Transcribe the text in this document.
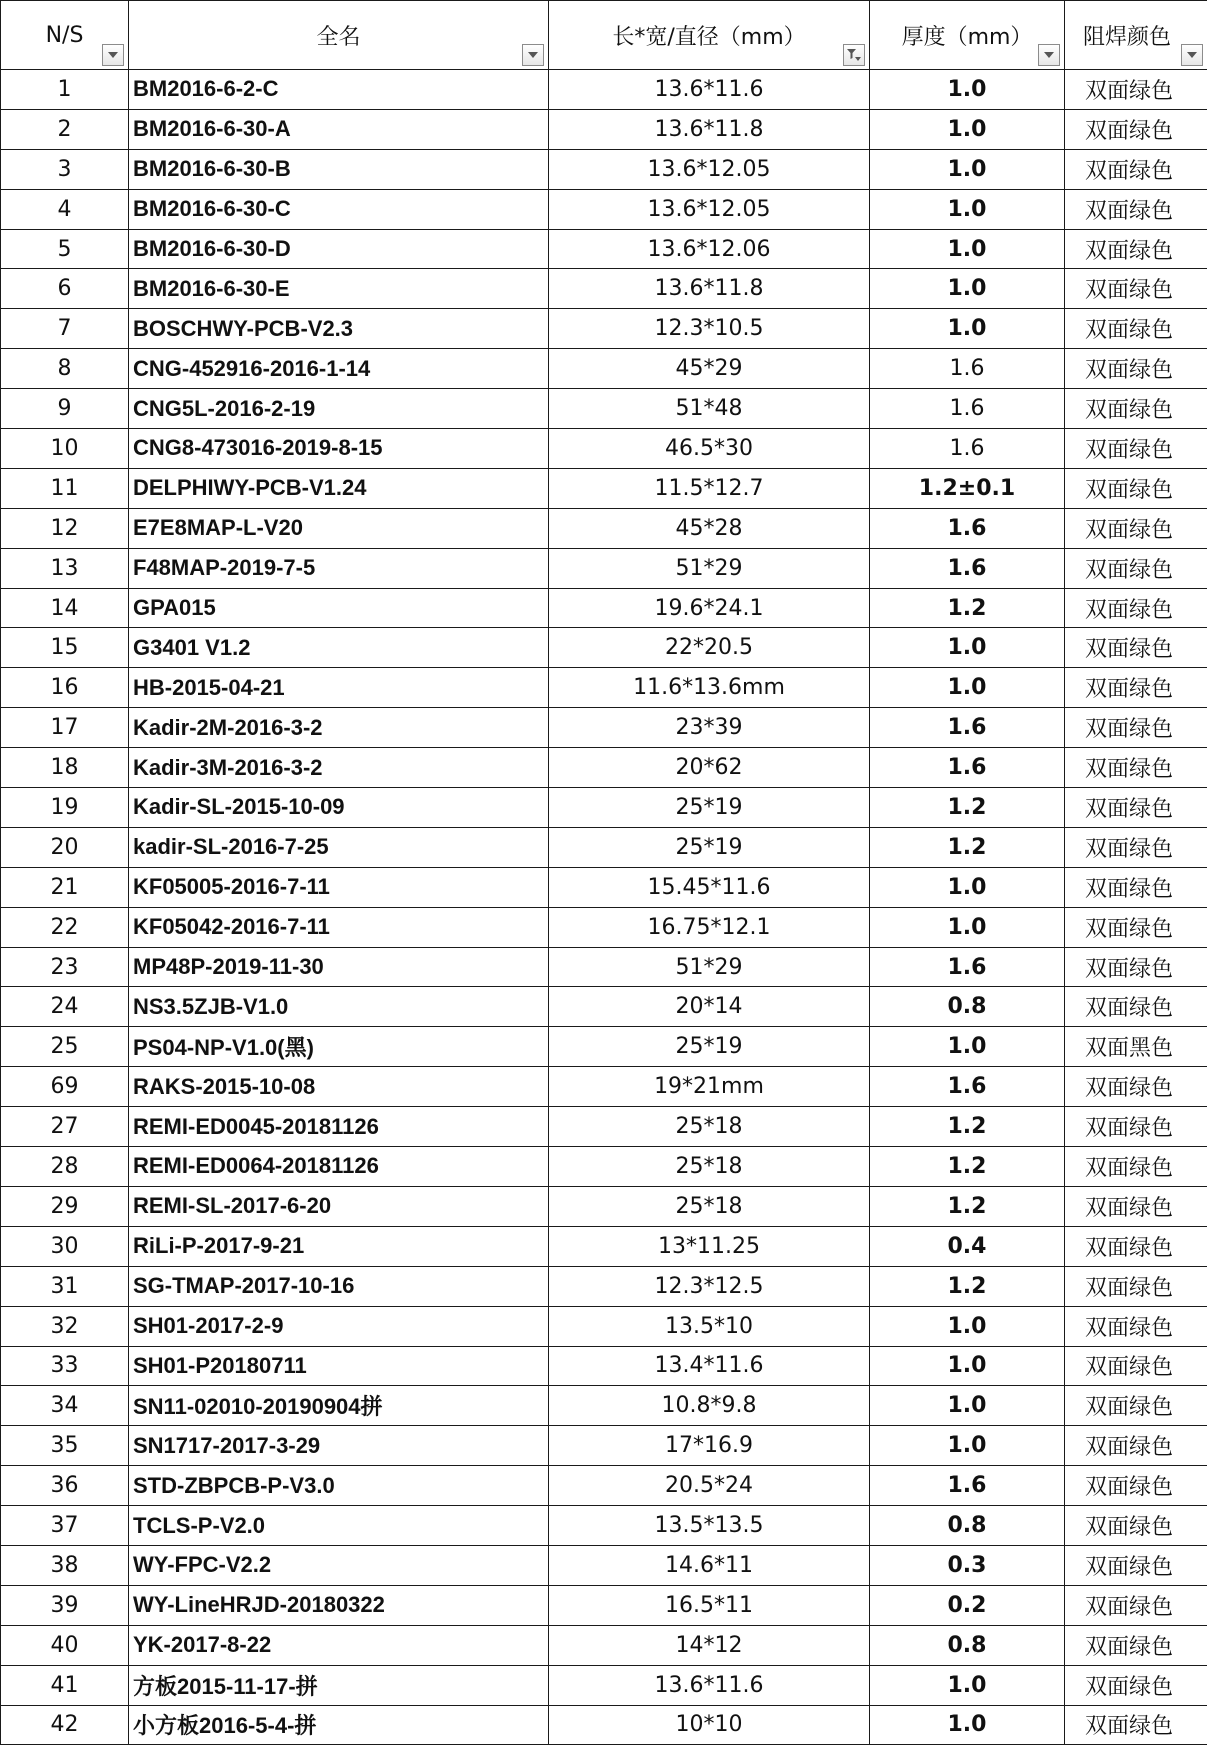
N/S	全名	长*宽/直径（mm）	厚度（mm）	阻焊颜色

1	BM2016-6-2-C	13.6*11.6	1.0	双面绿色
2	BM2016-6-30-A	13.6*11.8	1.0	双面绿色
3	BM2016-6-30-B	13.6*12.05	1.0	双面绿色
4	BM2016-6-30-C	13.6*12.05	1.0	双面绿色
5	BM2016-6-30-D	13.6*12.06	1.0	双面绿色
6	BM2016-6-30-E	13.6*11.8	1.0	双面绿色
7	BOSCHWY-PCB-V2.3	12.3*10.5	1.0	双面绿色
8	CNG-452916-2016-1-14	45*29	1.6	双面绿色
9	CNG5L-2016-2-19	51*48	1.6	双面绿色
10	CNG8-473016-2019-8-15	46.5*30	1.6	双面绿色
11	DELPHIWY-PCB-V1.24	11.5*12.7	1.2±0.1	双面绿色
12	E7E8MAP-L-V20	45*28	1.6	双面绿色
13	F48MAP-2019-7-5	51*29	1.6	双面绿色
14	GPA015	19.6*24.1	1.2	双面绿色
15	G3401 V1.2	22*20.5	1.0	双面绿色
16	HB-2015-04-21	11.6*13.6mm	1.0	双面绿色
17	Kadir-2M-2016-3-2	23*39	1.6	双面绿色
18	Kadir-3M-2016-3-2	20*62	1.6	双面绿色
19	Kadir-SL-2015-10-09	25*19	1.2	双面绿色
20	kadir-SL-2016-7-25	25*19	1.2	双面绿色
21	KF05005-2016-7-11	15.45*11.6	1.0	双面绿色
22	KF05042-2016-7-11	16.75*12.1	1.0	双面绿色
23	MP48P-2019-11-30	51*29	1.6	双面绿色
24	NS3.5ZJB-V1.0	20*14	0.8	双面绿色
25	PS04-NP-V1.0(黑)	25*19	1.0	双面黑色
69	RAKS-2015-10-08	19*21mm	1.6	双面绿色
27	REMI-ED0045-20181126	25*18	1.2	双面绿色
28	REMI-ED0064-20181126	25*18	1.2	双面绿色
29	REMI-SL-2017-6-20	25*18	1.2	双面绿色
30	RiLi-P-2017-9-21	13*11.25	0.4	双面绿色
31	SG-TMAP-2017-10-16	12.3*12.5	1.2	双面绿色
32	SH01-2017-2-9	13.5*10	1.0	双面绿色
33	SH01-P20180711	13.4*11.6	1.0	双面绿色
34	SN11-02010-20190904拼	10.8*9.8	1.0	双面绿色
35	SN1717-2017-3-29	17*16.9	1.0	双面绿色
36	STD-ZBPCB-P-V3.0	20.5*24	1.6	双面绿色
37	TCLS-P-V2.0	13.5*13.5	0.8	双面绿色
38	WY-FPC-V2.2	14.6*11	0.3	双面绿色
39	WY-LineHRJD-20180322	16.5*11	0.2	双面绿色
40	YK-2017-8-22	14*12	0.8	双面绿色
41	方板2015-11-17-拼	13.6*11.6	1.0	双面绿色
42	小方板2016-5-4-拼	10*10	1.0	双面绿色
